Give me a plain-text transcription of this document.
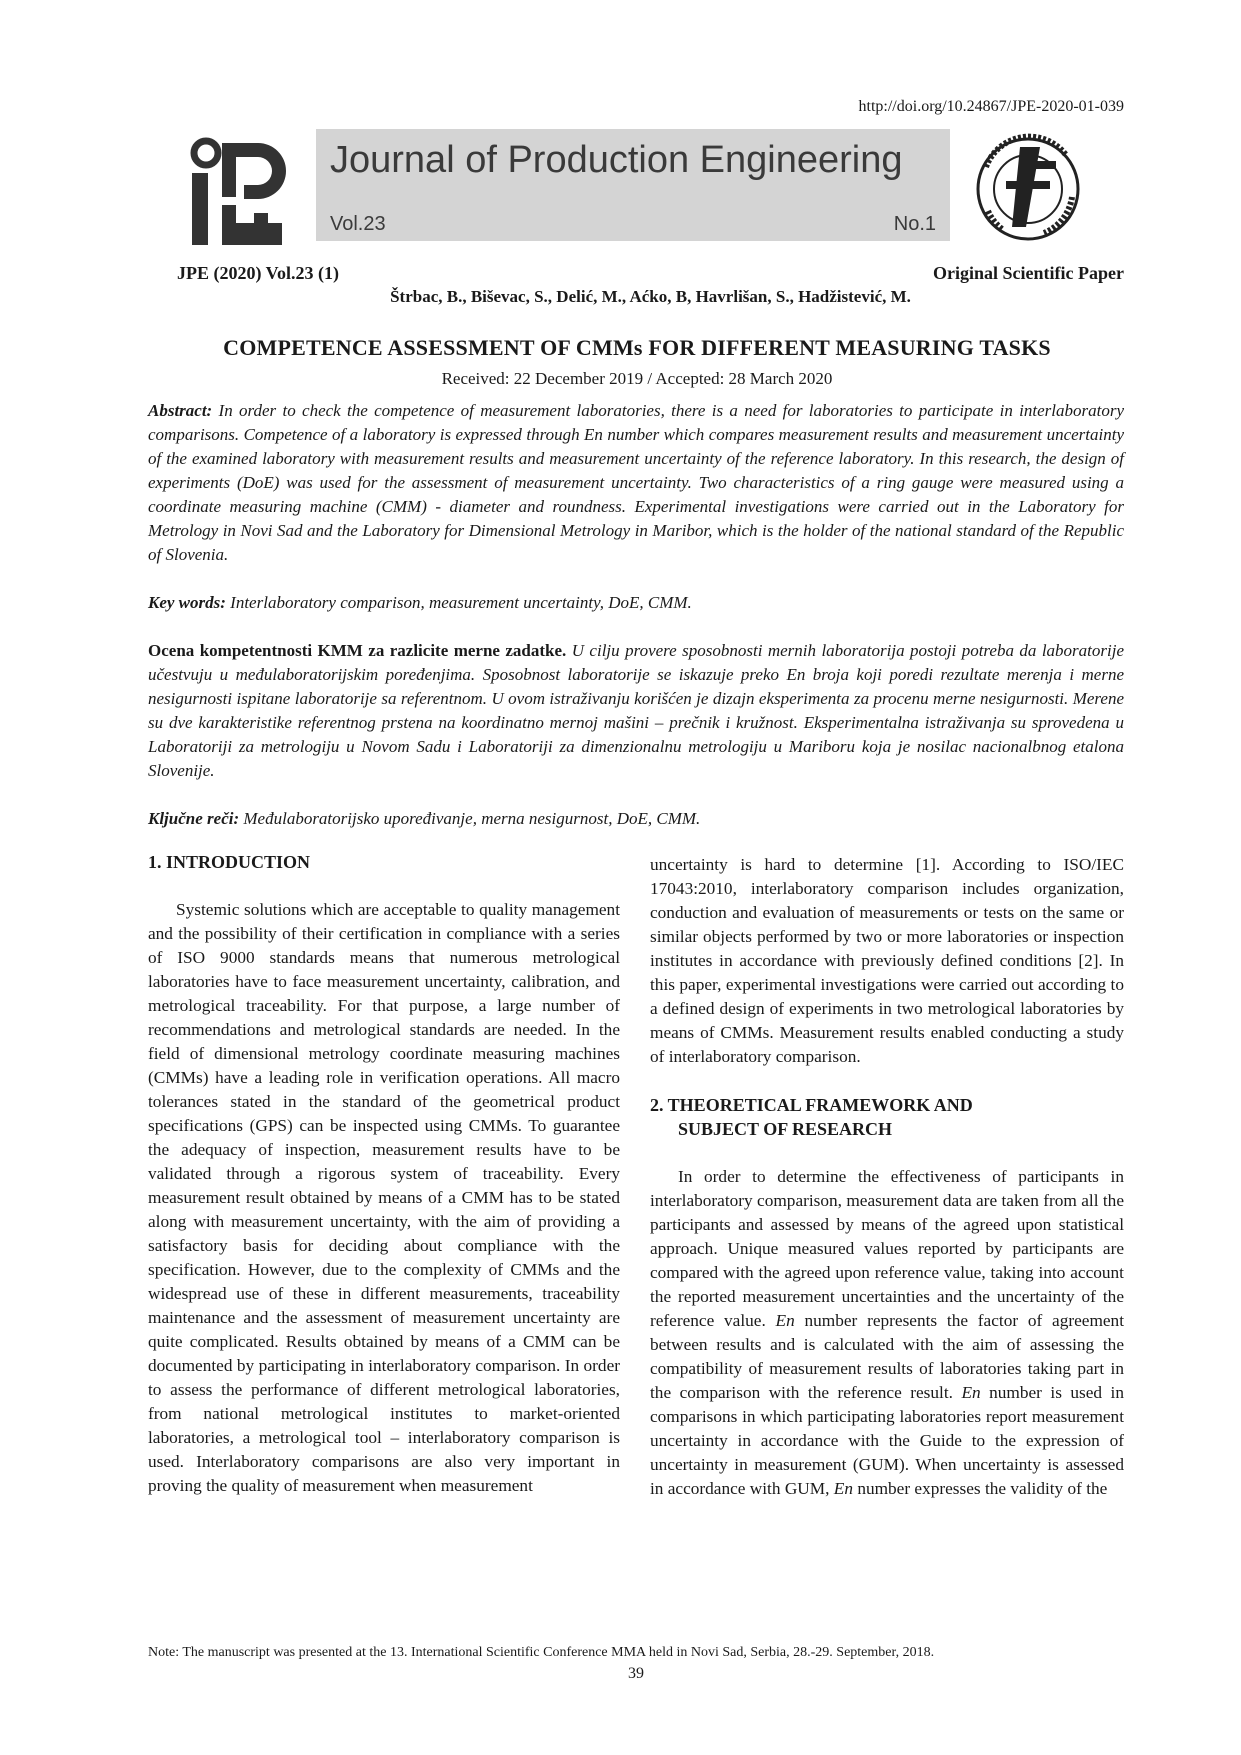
http://doi.org/10.24867/JPE-2020-01-039
Journal of Production Engineering
Vol.23	No.1
JPE (2020) Vol.23 (1)	Original Scientific Paper
Štrbac, B., Biševac, S., Delić, M., Aćko, B, Havrlišan, S., Hadžistević, M.
COMPETENCE ASSESSMENT OF CMMs FOR DIFFERENT MEASURING TASKS
Received: 22 December 2019 / Accepted: 28 March 2020
Abstract: In order to check the competence of measurement laboratories, there is a need for laboratories to participate in interlaboratory comparisons. Competence of a laboratory is expressed through En number which compares measurement results and measurement uncertainty of the examined laboratory with measurement results and measurement uncertainty of the reference laboratory. In this research, the design of experiments (DoE) was used for the assessment of measurement uncertainty. Two characteristics of a ring gauge were measured using a coordinate measuring machine (CMM) - diameter and roundness. Experimental investigations were carried out in the Laboratory for Metrology in Novi Sad and the Laboratory for Dimensional Metrology in Maribor, which is the holder of the national standard of the Republic of Slovenia.
Key words: Interlaboratory comparison, measurement uncertainty, DoE, CMM.
Ocena kompetentnosti KMM za razlicite merne zadatke. U cilju provere sposobnosti mernih laboratorija postoji potreba da laboratorije učestvuju u međulaboratorijskim poređenjima. Sposobnost laboratorije se iskazuje preko En broja koji poredi rezultate merenja i merne nesigurnosti ispitane laboratorije sa referentnom. U ovom istraživanju korišćen je dizajn eksperimenta za procenu merne nesigurnosti. Merene su dve karakteristike referentnog prstena na koordinatno mernoj mašini – prečnik i kružnost. Eksperimentalna istraživanja su sprovedena u Laboratoriji za metrologiju u Novom Sadu i Laboratoriji za dimenzionalnu metrologiju u Mariboru koja je nosilac nacionalbnog etalona Slovenije.
Ključne reči: Međulaboratorijsko upoređivanje, merna nesigurnost, DoE, CMM.
1. INTRODUCTION

Systemic solutions which are acceptable to quality management and the possibility of their certification in compliance with a series of ISO 9000 standards means that numerous metrological laboratories have to face measurement uncertainty, calibration, and metrological traceability. For that purpose, a large number of recommendations and metrological standards are needed. In the field of dimensional metrology coordinate measuring machines (CMMs) have a leading role in verification operations. All macro tolerances stated in the standard of the geometrical product specifications (GPS) can be inspected using CMMs. To guarantee the adequacy of inspection, measurement results have to be validated through a rigorous system of traceability. Every measurement result obtained by means of a CMM has to be stated along with measurement uncertainty, with the aim of providing a satisfactory basis for deciding about compliance with the specification. However, due to the complexity of CMMs and the widespread use of these in different measurements, traceability maintenance and the assessment of measurement uncertainty are quite complicated. Results obtained by means of a CMM can be documented by participating in interlaboratory comparison. In order to assess the performance of different metrological laboratories, from national metrological institutes to market-oriented laboratories, a metrological tool – interlaboratory comparison is used. Interlaboratory comparisons are also very important in proving the quality of measurement when measurement

uncertainty is hard to determine [1]. According to ISO/IEC 17043:2010, interlaboratory comparison includes organization, conduction and evaluation of measurements or tests on the same or similar objects performed by two or more laboratories or inspection institutes in accordance with previously defined conditions [2]. In this paper, experimental investigations were carried out according to a defined design of experiments in two metrological laboratories by means of CMMs. Measurement results enabled conducting a study of interlaboratory comparison.

2. THEORETICAL FRAMEWORK AND
SUBJECT OF RESEARCH

In order to determine the effectiveness of participants in interlaboratory comparison, measurement data are taken from all the participants and assessed by means of the agreed upon statistical approach. Unique measured values reported by participants are compared with the agreed upon reference value, taking into account the reported measurement uncertainties and the uncertainty of the reference value. En number represents the factor of agreement between results and is calculated with the aim of assessing the compatibility of measurement results of laboratories taking part in the comparison with the reference result. En number is used in comparisons in which participating laboratories report measurement uncertainty in accordance with the Guide to the expression of uncertainty in measurement (GUM). When uncertainty is assessed in accordance with GUM, En number expresses the validity of the

Note: The manuscript was presented at the 13. International Scientific Conference MMA held in Novi Sad, Serbia, 28.-29. September, 2018.
39
